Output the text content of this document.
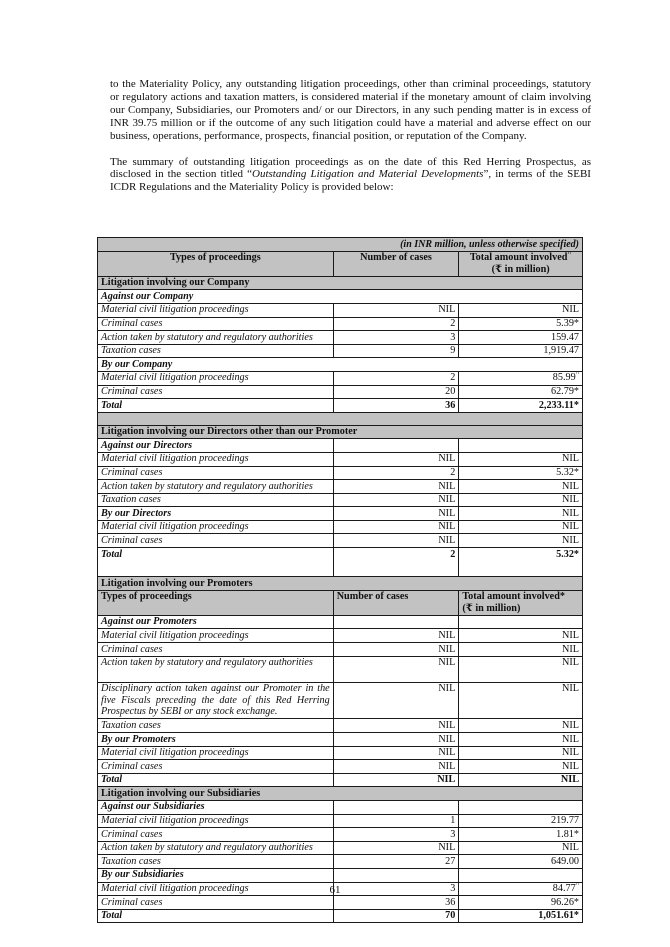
to the Materiality Policy, any outstanding litigation proceedings, other than criminal proceedings, statutory or regulatory actions and taxation matters, is considered material if the monetary amount of claim involving our Company, Subsidiaries, our Promoters and/ or our Directors, in any such pending matter is in excess of INR 39.75 million or if the outcome of any such litigation could have a material and adverse effect on our business, operations, performance, prospects, financial position, or reputation of the Company.

The summary of outstanding litigation proceedings as on the date of this Red Herring Prospectus, as disclosed in the section titled “Outstanding Litigation and Material Developments”, in terms of the SEBI ICDR Regulations and the Materiality Policy is provided below:

(in INR million, unless otherwise specified)		
Types of proceedings	Number of cases	Total amount involved^
(₹ in million)
Litigation involving our Company		
Against our Company		
Material civil litigation proceedings	NIL	NIL
Criminal cases	2	5.39*
Action taken by statutory and regulatory authorities	3	159.47
Taxation cases	9	1,919.47
By our Company		
Material civil litigation proceedings	2	85.99^
Criminal cases	20	62.79*
Total	36	2,233.11*

Litigation involving our Directors other than our Promoter		
Against our Directors		
Material civil litigation proceedings	NIL	NIL
Criminal cases	2	5.32*
Action taken by statutory and regulatory authorities	NIL	NIL
Taxation cases	NIL	NIL
By our Directors	NIL	NIL
Material civil litigation proceedings	NIL	NIL
Criminal cases	NIL	NIL
Total	2	5.32*
Litigation involving our Promoters		
Types of proceedings	Number of cases	Total amount involved*
(₹ in million)
Against our Promoters		
Material civil litigation proceedings	NIL	NIL
Criminal cases	NIL	NIL
Action taken by statutory and regulatory authorities	NIL	NIL
Disciplinary action taken against our Promoter in the five Fiscals preceding the date of this Red Herring Prospectus by SEBI or any stock exchange.	NIL	NIL
Taxation cases	NIL	NIL
By our Promoters	NIL	NIL
Material civil litigation proceedings	NIL	NIL
Criminal cases	NIL	NIL
Total	NIL	NIL
Litigation involving our Subsidiaries		
Against our Subsidiaries		
Material civil litigation proceedings	1	219.77
Criminal cases	3	1.81*
Action taken by statutory and regulatory authorities	NIL	NIL
Taxation cases	27	649.00
By our Subsidiaries		
Material civil litigation proceedings	3	84.77^
Criminal cases	36	96.26*
Total	70	1,051.61*
61
